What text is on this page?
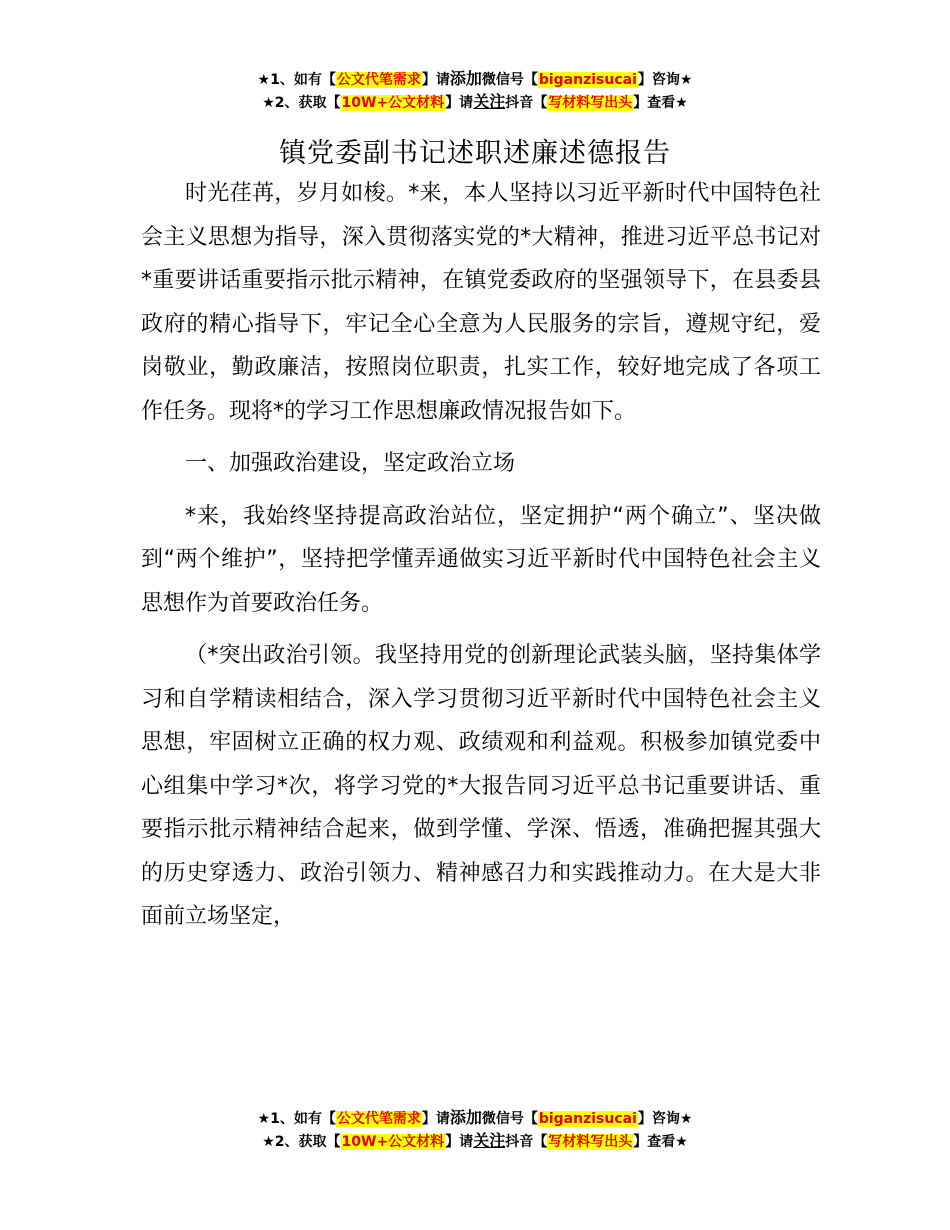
★1、如有【公文代笔需求】请添加微信号【biganzisucai】咨询★
★2、获取【10W+公文材料】请关注抖音【写材料写出头】查看★
镇党委副书记述职述廉述德报告

时光荏苒，岁月如梭。*来，本人坚持以习近平新时代中国特色社会主义思想为指导，深入贯彻落实党的*大精神，推进习近平总书记对*重要讲话重要指示批示精神，在镇党委政府的坚强领导下，在县委县政府的精心指导下，牢记全心全意为人民服务的宗旨，遵规守纪，爱岗敬业，勤政廉洁，按照岗位职责，扎实工作，较好地完成了各项工作任务。现将*的学习工作思想廉政情况报告如下。

一、加强政治建设，坚定政治立场

*来，我始终坚持提高政治站位，坚定拥护“两个确立”、坚决做到“两个维护”，坚持把学懂弄通做实习近平新时代中国特色社会主义思想作为首要政治任务。

（*突出政治引领。我坚持用党的创新理论武装头脑，坚持集体学习和自学精读相结合，深入学习贯彻习近平新时代中国特色社会主义思想，牢固树立正确的权力观、政绩观和利益观。积极参加镇党委中心组集中学习*次，将学习党的*大报告同习近平总书记重要讲话、重要指示批示精神结合起来，做到学懂、学深、悟透，准确把握其强大的历史穿透力、政治引领力、精神感召力和实践推动力。在大是大非面前立场坚定，

★1、如有【公文代笔需求】请添加微信号【biganzisucai】咨询★
★2、获取【10W+公文材料】请关注抖音【写材料写出头】查看★
